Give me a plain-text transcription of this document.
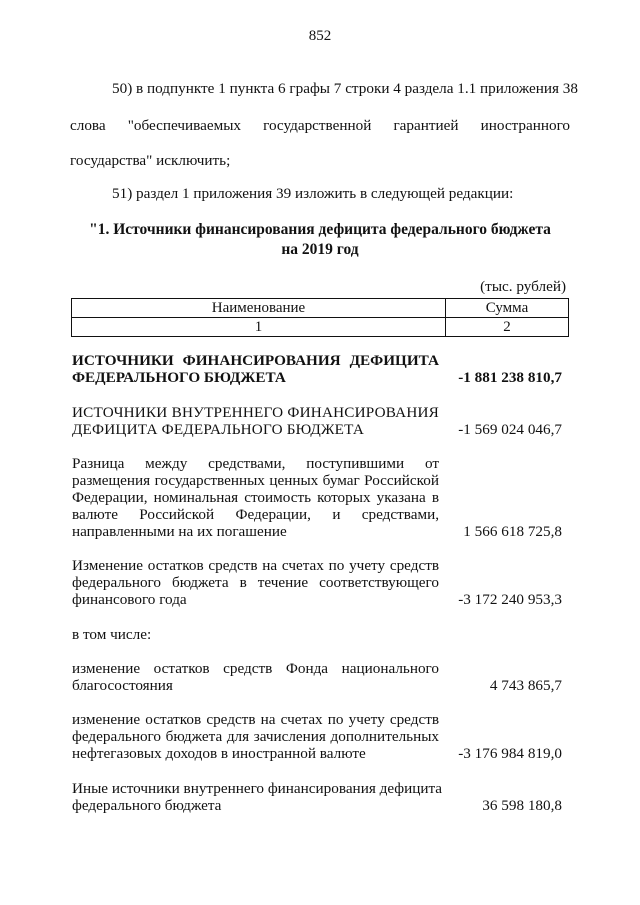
852
50) в подпункте 1 пункта 6 графы 7 строки 4 раздела 1.1 приложения 38
слова "обеспечиваемых государственной гарантией иностранного
государства" исключить;
51) раздел 1 приложения 39 изложить в следующей редакции:
"1. Источники финансирования дефицита федерального бюджета
на 2019 год
(тыс. рублей)
Наименование	Сумма
1	2
ИСТОЧНИКИ ФИНАНСИРОВАНИЯ ДЕФИЦИТА
ФЕДЕРАЛЬНОГО БЮДЖЕТА	-1 881 238 810,7
ИСТОЧНИКИ ВНУТРЕННЕГО ФИНАНСИРОВАНИЯ
ДЕФИЦИТА ФЕДЕРАЛЬНОГО БЮДЖЕТА	-1 569 024 046,7
Разница между средствами, поступившими от
размещения государственных ценных бумаг Российской
Федерации, номинальная стоимость которых указана в
валюте Российской Федерации, и средствами,
направленными на их погашение	1 566 618 725,8
Изменение остатков средств на счетах по учету средств
федерального бюджета в течение соответствующего
финансового года	-3 172 240 953,3
в том числе:
изменение остатков средств Фонда национального
благосостояния	4 743 865,7
изменение остатков средств на счетах по учету средств
федерального бюджета для зачисления дополнительных
нефтегазовых доходов в иностранной валюте	-3 176 984 819,0
Иные источники внутреннего финансирования дефицита
федерального бюджета	36 598 180,8
